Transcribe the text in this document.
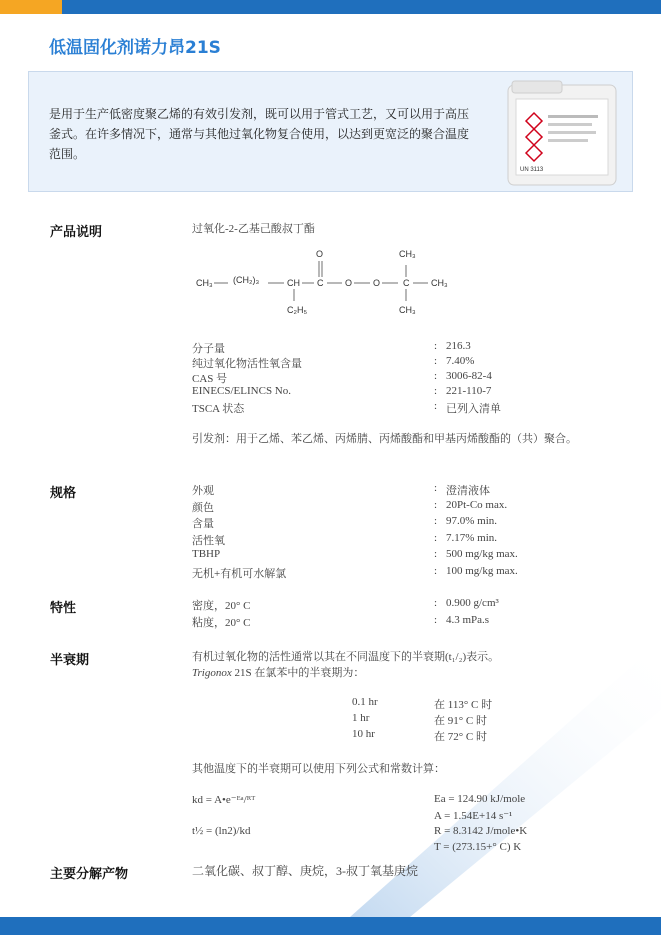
低温固化剂诺力昂21S
是用于生产低密度聚乙烯的有效引发剂，既可以用于管式工艺，又可以用于高压釜式。在许多情况下，通常与其他过氧化物复合使用，以达到更宽泛的聚合温度范围。
UN 3113
产品说明	过氧化-2-乙基己酸叔丁酯
CH₃ (CH₂)₃	CH
C₂H₅
C
O
O O	C
CH₃
CH₃
CH₃
分子量	: 216.3
纯过氧化物活性氧含量	: 7.40%
CAS 号	: 3006-82-4
EINECS/ELINCS No.	: 221-110-7
TSCA 状态	: 已列入清单
引发剂：用于乙烯、苯乙烯、丙烯腈、丙烯酸酯和甲基丙烯酸酯的（共）聚合。
规格	外观	: 澄清液体
颜色	: 20Pt-Co max.
含量	: 97.0% min.
活性氧	: 7.17% min.
TBHP	: 500 mg/kg max.
无机+有机可水解氯	: 100 mg/kg max.
特性	密度，20° C	: 0.900 g/cm³
粘度，20° C	: 4.3 mPa.s
半衰期	有机过氧化物的活性通常以其在不同温度下的半衰期(t₁/₂)表示。
Trigonox 21S 在氯苯中的半衰期为：
0.1 hr	在 113° C 时
1 hr	在 91° C 时
10 hr	在 72° C 时
其他温度下的半衰期可以使用下列公式和常数计算：
kd = A•e⁻ᴱᵃ/ᴿᵀ
t½ = (ln2)/kd
Ea = 124.90 kJ/mole
A = 1.54E+14 s⁻¹
R = 8.3142 J/mole•K
T = (273.15+° C) K
主要分解产物	二氧化碳、叔丁醇、庚烷，3-叔丁氧基庚烷
